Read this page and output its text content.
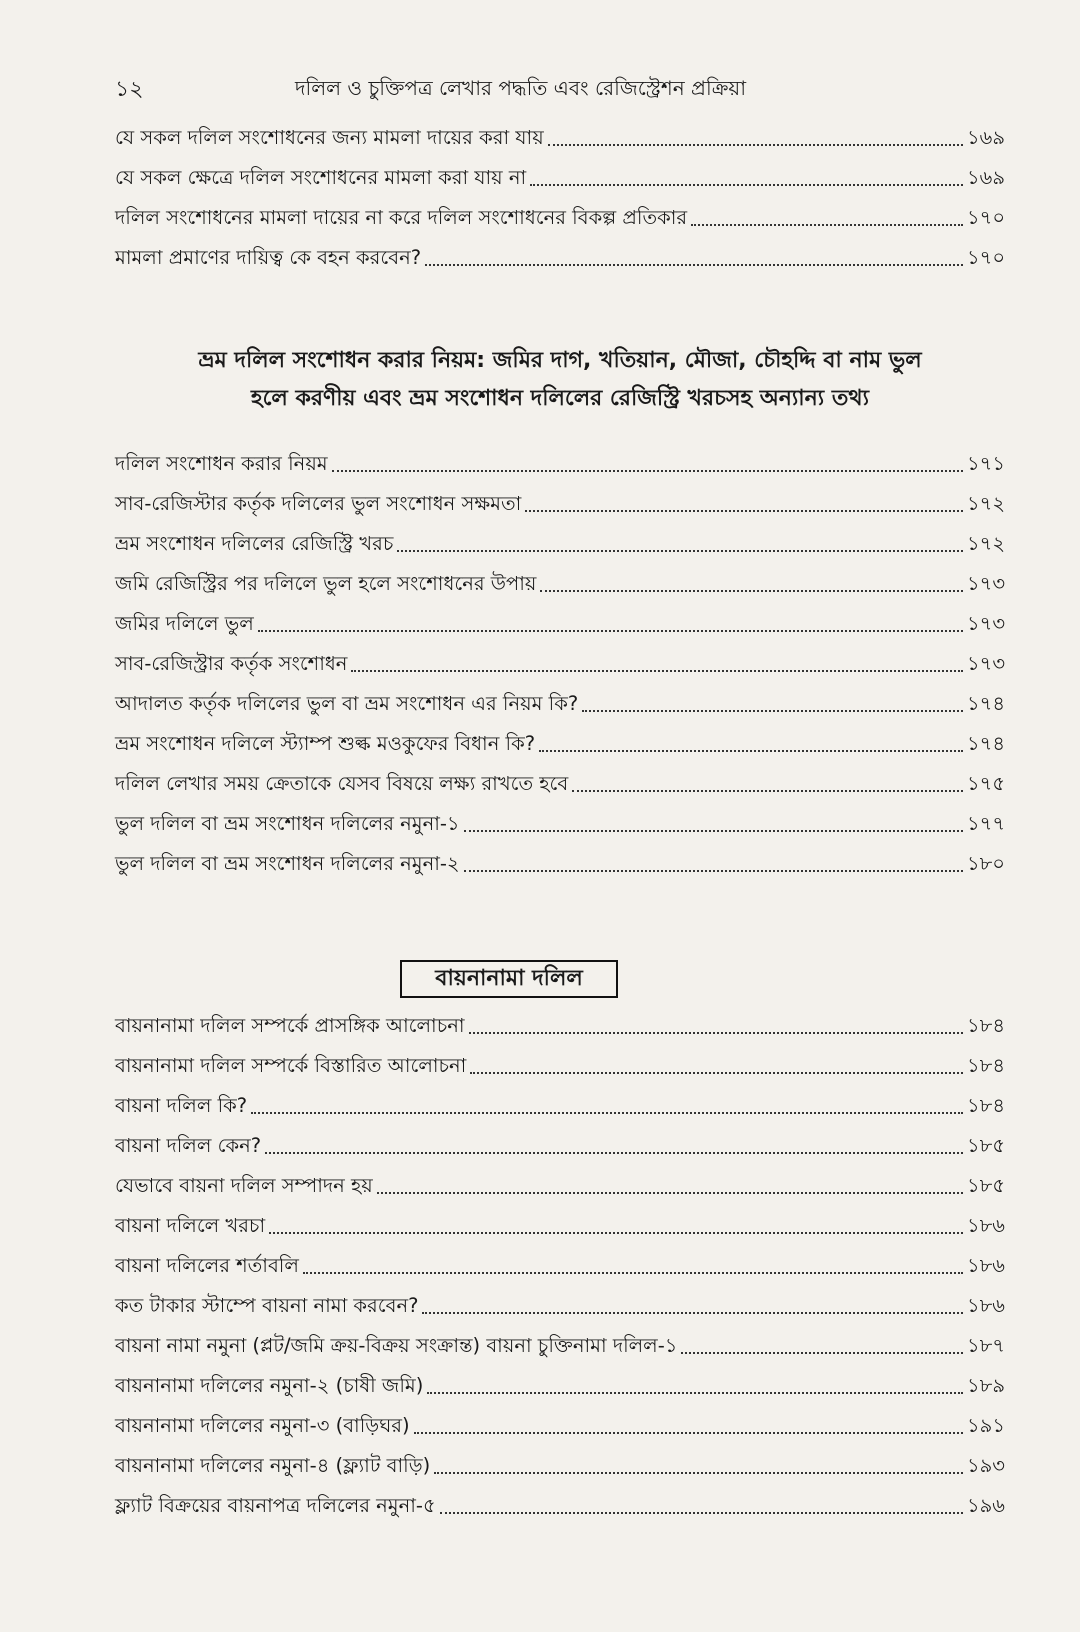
১২	দলিল ও চুক্তিপত্র লেখার পদ্ধতি এবং রেজিস্ট্রেশন প্রক্রিয়া
যে সকল দলিল সংশোধনের জন্য মামলা দায়ের করা যায়	১৬৯
যে সকল ক্ষেত্রে দলিল সংশোধনের মামলা করা যায় না	১৬৯
দলিল সংশোধনের মামলা দায়ের না করে দলিল সংশোধনের বিকল্প প্রতিকার	১৭০
মামলা প্রমাণের দায়িত্ব কে বহন করবেন?	১৭০
ভ্রম দলিল সংশোধন করার নিয়ম: জমির দাগ, খতিয়ান, মৌজা, চৌহদ্দি বা নাম ভুল
হলে করণীয় এবং ভ্রম সংশোধন দলিলের রেজিস্ট্রি খরচসহ অন্যান্য তথ্য
দলিল সংশোধন করার নিয়ম	১৭১
সাব-রেজিস্টার কর্তৃক দলিলের ভুল সংশোধন সক্ষমতা	১৭২
ভ্রম সংশোধন দলিলের রেজিস্ট্রি খরচ	১৭২
জমি রেজিস্ট্রির পর দলিলে ভুল হলে সংশোধনের উপায়	১৭৩
জমির দলিলে ভুল	১৭৩
সাব-রেজিস্ট্রার কর্তৃক সংশোধন	১৭৩
আদালত কর্তৃক দলিলের ভুল বা ভ্রম সংশোধন এর নিয়ম কি?	১৭৪
ভ্রম সংশোধন দলিলে স্ট্যাম্প শুল্ক মওকুফের বিধান কি?	১৭৪
দলিল লেখার সময় ক্রেতাকে যেসব বিষয়ে লক্ষ্য রাখতে হবে	১৭৫
ভুল দলিল বা ভ্রম সংশোধন দলিলের নমুনা-১	১৭৭
ভুল দলিল বা ভ্রম সংশোধন দলিলের নমুনা-২	১৮০
বায়নানামা দলিল
বায়নানামা দলিল সম্পর্কে প্রাসঙ্গিক আলোচনা	১৮৪
বায়নানামা দলিল সম্পর্কে বিস্তারিত আলোচনা	১৮৪
বায়না দলিল কি?	১৮৪
বায়না দলিল কেন?	১৮৫
যেভাবে বায়না দলিল সম্পাদন হয়	১৮৫
বায়না দলিলে খরচা	১৮৬
বায়না দলিলের শর্তাবলি	১৮৬
কত টাকার স্টাম্পে বায়না নামা করবেন?	১৮৬
বায়না নামা নমুনা (প্লট/জমি ক্রয়-বিক্রয় সংক্রান্ত) বায়না চুক্তিনামা দলিল-১	১৮৭
বায়নানামা দলিলের নমুনা-২ (চাষী জমি)	১৮৯
বায়নানামা দলিলের নমুনা-৩ (বাড়িঘর)	১৯১
বায়নানামা দলিলের নমুনা-৪ (ফ্ল্যাট বাড়ি)	১৯৩
ফ্ল্যাট বিক্রয়ের বায়নাপত্র দলিলের নমুনা-৫	১৯৬
